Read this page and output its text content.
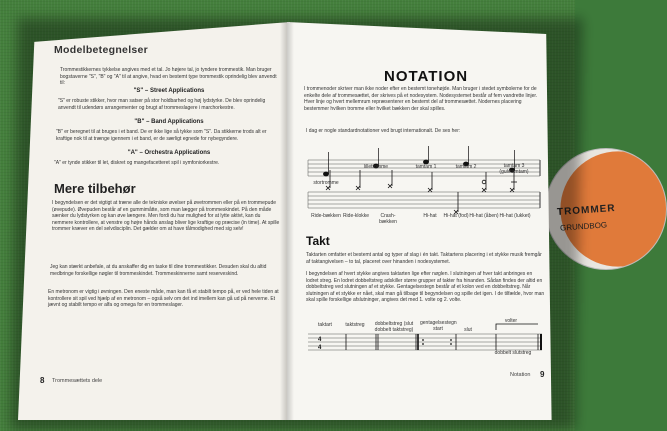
TROMMER
GRUNDBOG
Modelbetegnelser
Trommestikkernes tykkelse angives med et tal. Jo højere tal, jo tyndere trommestik. Man bruger bogstaverne "S", "B" og "A" til at angive, hvad en bestemt type trommestik oprindelig blev anvendt til:
"S" – Street Applications
"S" er robuste stikker, hvor man satser på stor holdbarhed og høj lydstyrke. De blev oprindelig anvendt til udendørs arrangementer og brugt af trommeslagere i marchorkestre.
"B" – Band Applications
"B" er beregnet til at bruges i et band. De er ikke lige så tykke som "S". Da stikkerne trods alt er kraftige nok til at trænge igennem i et band, er de særligt egnede for nybegyndere.
"A" – Orchestra Applications
"A" er tynde stikker til let, diskret og mangefacetteret spil i symfoniorkestre.
Mere tilbehør
I begyndelsen er det vigtigt at træne alle de tekniske øvelser på øvetrommen eller på en trommepude (øvepude). Øvepuden består af en gummimåtte, som man lægger på trommeskindet. På den måde sænker du lydstyrken og kan øve længere. Men fordi du har mulighed for at lytte aktivt, kan du nemmere kontrollere, at venstre og højre hånds anslag bliver lige kraftige og præcise (in time). At spille trommer kræver en del selvdisciplin. Det gælder om at have tålmodighed med sig selv!
Jeg kan stærkt anbefale, at du anskaffer dig en taske til dine trommestikker. Desuden skal du altid medbringe forskellige nøgler til trommeskindet. Trommeskinnerne samt reserveskind.
En metronom er vigtig i øvningen. Den eneste måde, man kan få et stabilt tempo på, er ved hele tiden at kontrollere sit spil ved hjælp af en metronom – også selv om det ind imellem kan gå ud på nerverne. Et jævnt og stabilt tempo er alfa og omega for en trommeslager.
8 Trommesættets dele
NOTATION
I trommenoder skriver man ikke noder efter en bestemt tonehøjde. Man bruger i stedet symbolerne for de enkelte dele af trommesættet, der skrives på et nodesystem. Nodesystemet består af fem vandrette linjer. Hver linje og hvert mellemrum repræsenterer en bestemt del af trommesættet. Nodernes placering bestemmer hvilken tromme eller hvilket bækken der skal spilles.
I dag er nogle standardnotationer ved brugt internationalt. De ses her:
stortromme
lilletromme	tamtam 1	tamtam 2	tamtam 3 (gulvtamtam)
Ride-bækken Ride-klokke	Crash-bækken
Hi-hat	Hi-hat (fod) Hi-hat (åben) Hi-hat (lukket)
Takt
Taktarten omfatter et bestemt antal og typer af slag i én takt. Taktartens placering i et stykke musik fremgår af taktangivelsen – to tal, placeret over hinanden i nodesystemet.
I begyndelsen af hvert stykke angives taktarten lige efter nøglen. I slutningen af hver takt anbringes en lodret streg. En lodret dobbeltstreg adskiller større grupper af takter fra hinanden. Sådan findes der altid en dobbeltstreg ved slutningen af et stykke. Gentagelsestegn består af et kolon ved en dobbeltstreg. Når slutningen af et stykke er nået, skal man gå tilbage til begyndelsen og spille det igen. I de tilfælde, hvor man skal spille forskellige afslutninger, angives det med 1. volte og 2. volte.
4
4
taktart	taktstreg	dobbeltstreg (slut dobbelt taktstreg)
gentagelsestegn start	slut
volter
dobbelt slutstreg
Notation 9
